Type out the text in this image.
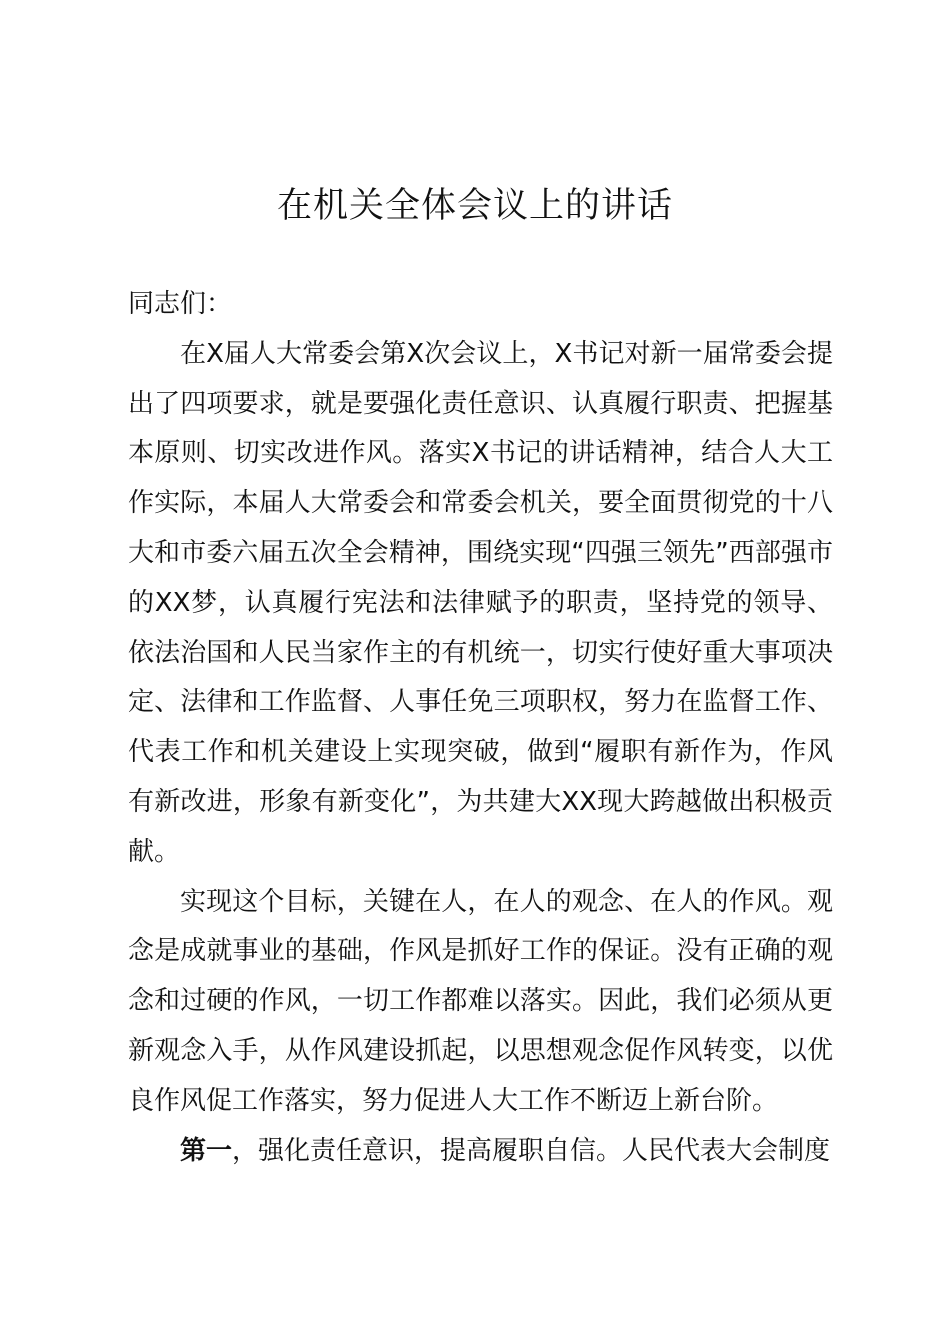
在机关全体会议上的讲话

同志们：

在X届人大常委会第X次会议上，X书记对新一届常委会提出了四项要求，就是要强化责任意识、认真履行职责、把握基本原则、切实改进作风。落实X书记的讲话精神，结合人大工作实际，本届人大常委会和常委会机关，要全面贯彻党的十八大和市委六届五次全会精神，围绕实现“四强三领先”西部强市的XX梦，认真履行宪法和法律赋予的职责，坚持党的领导、依法治国和人民当家作主的有机统一，切实行使好重大事项决定、法律和工作监督、人事任免三项职权，努力在监督工作、代表工作和机关建设上实现突破，做到“履职有新作为，作风有新改进，形象有新变化”，为共建大XX现大跨越做出积极贡献。

实现这个目标，关键在人，在人的观念、在人的作风。观念是成就事业的基础，作风是抓好工作的保证。没有正确的观念和过硬的作风，一切工作都难以落实。因此，我们必须从更新观念入手，从作风建设抓起，以思想观念促作风转变，以优良作风促工作落实，努力促进人大工作不断迈上新台阶。

第一，强化责任意识，提高履职自信。人民代表大会制度
